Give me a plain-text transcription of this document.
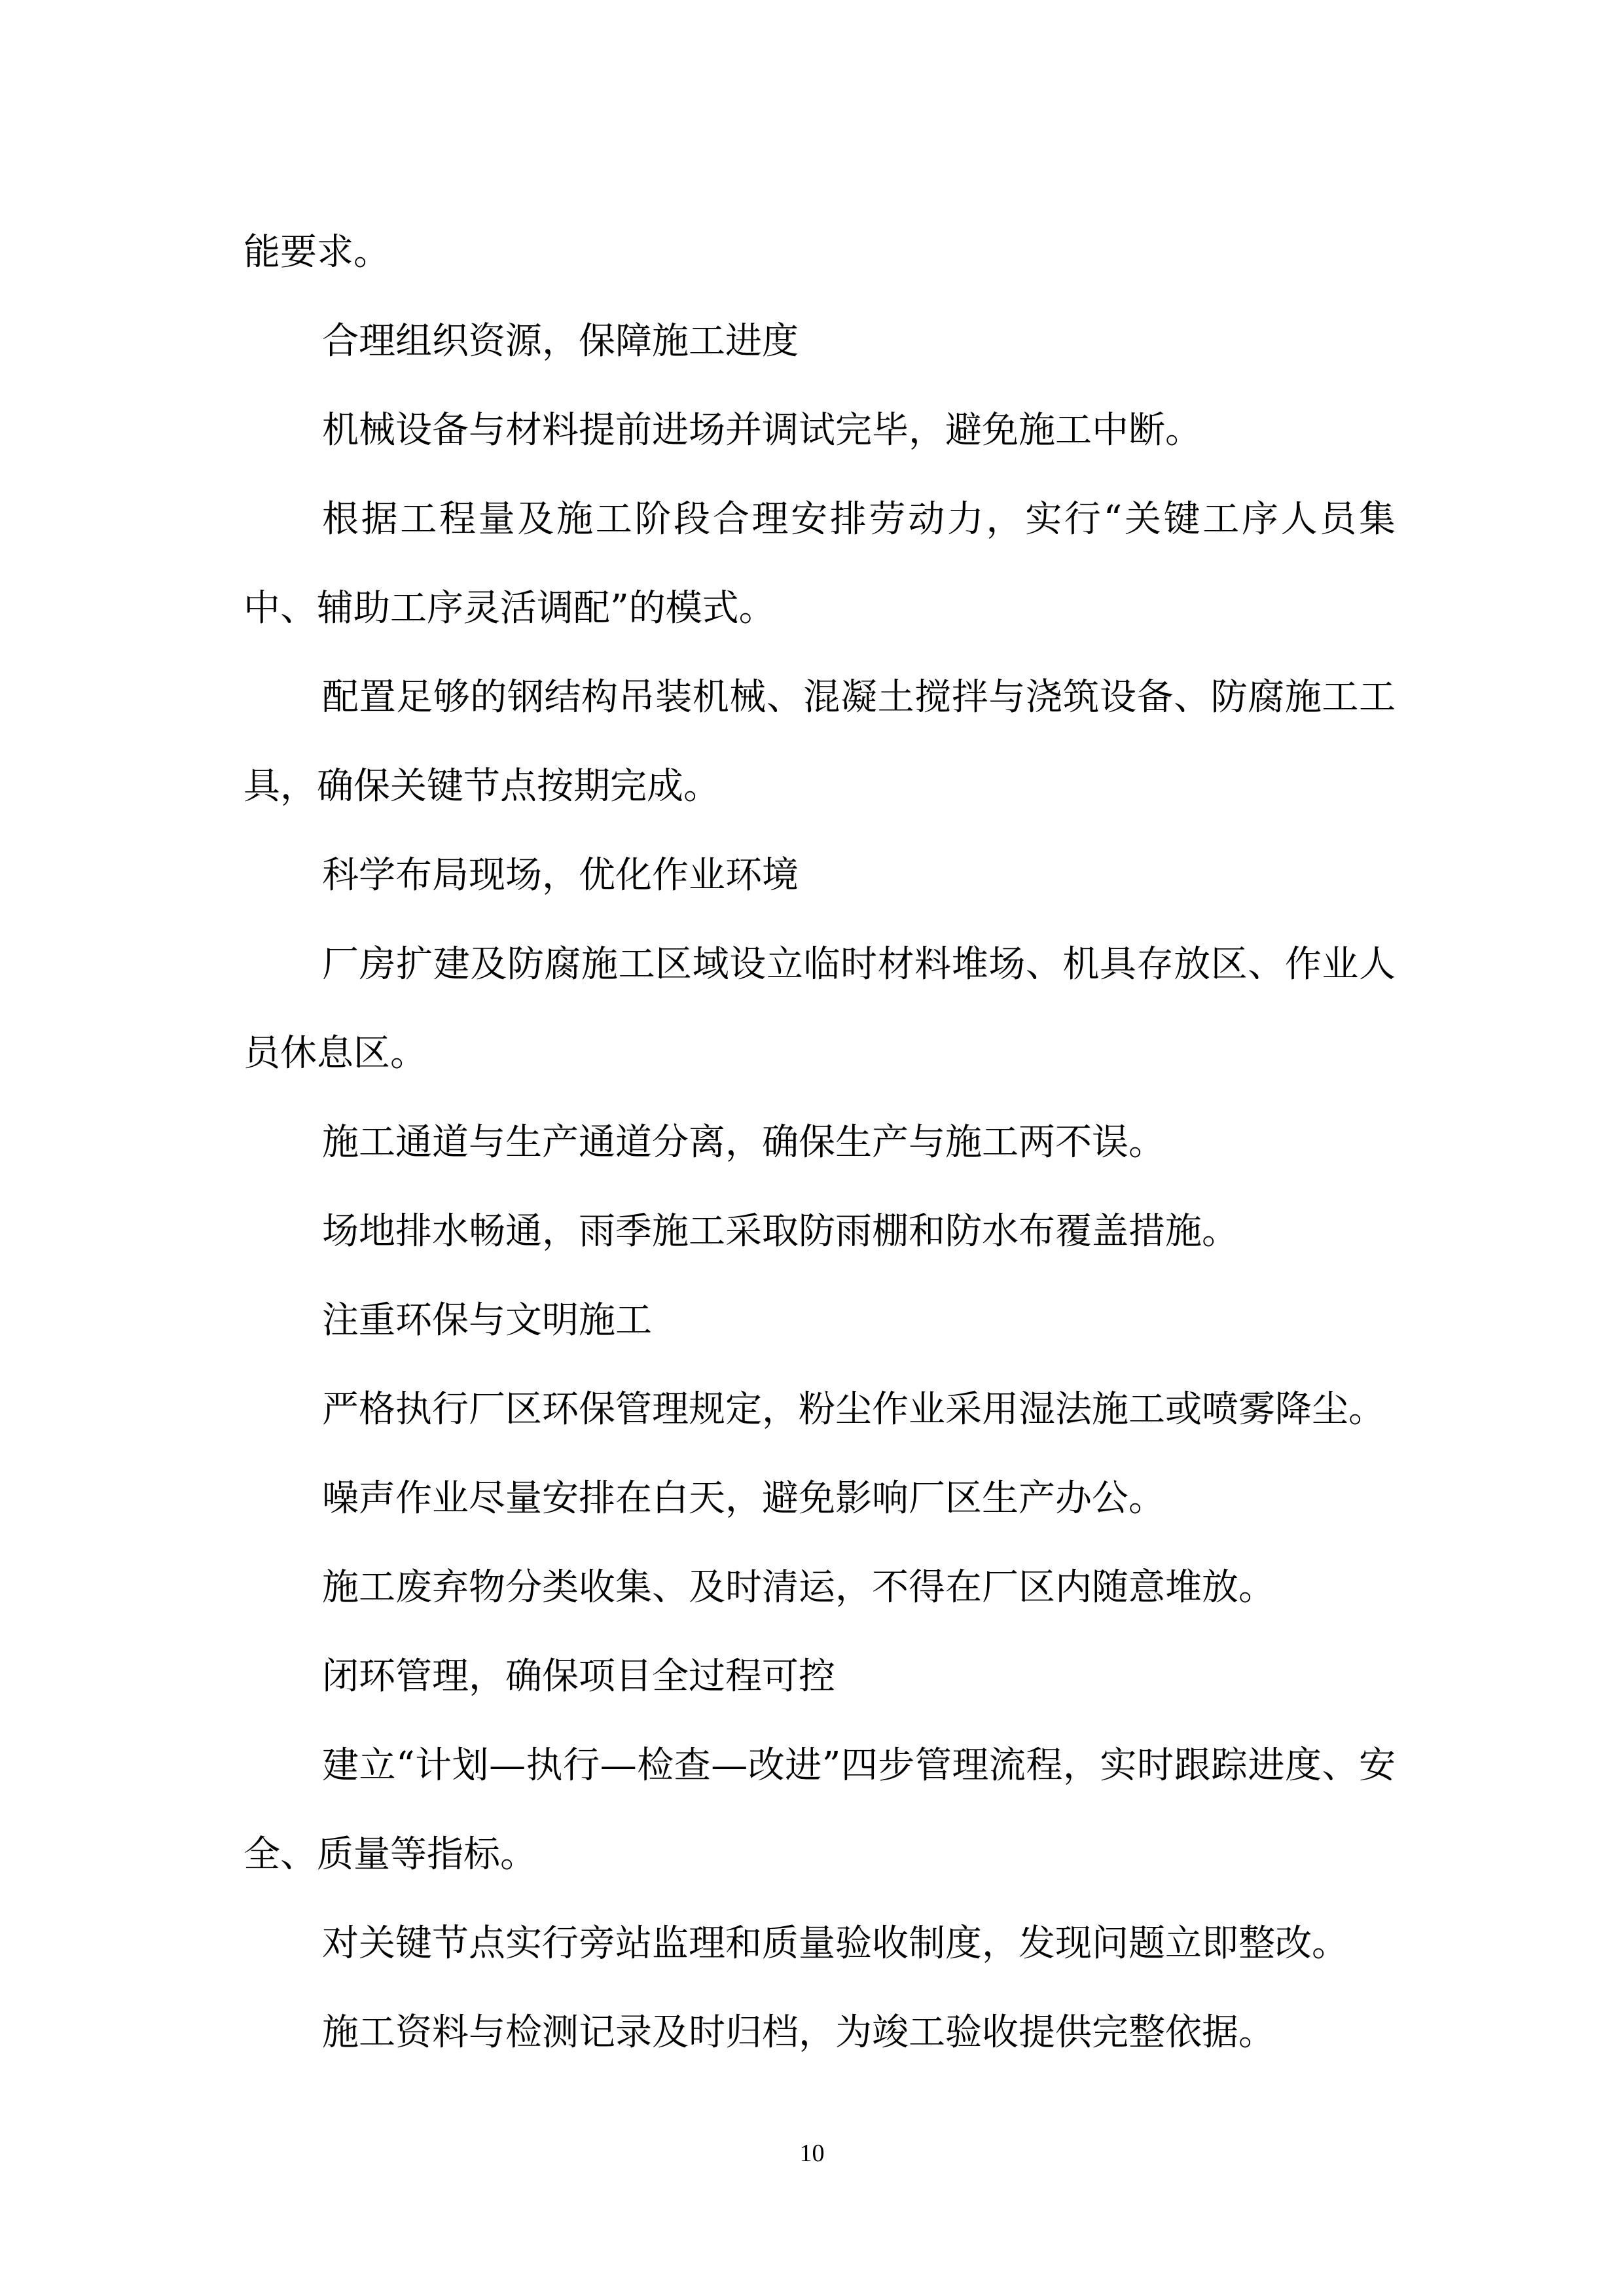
能要求。

合理组织资源，保障施工进度

机械设备与材料提前进场并调试完毕，避免施工中断。

根据工程量及施工阶段合理安排劳动力，实行“关键工序人员集中、辅助工序灵活调配”的模式。

配置足够的钢结构吊装机械、混凝土搅拌与浇筑设备、防腐施工工具，确保关键节点按期完成。

科学布局现场，优化作业环境

厂房扩建及防腐施工区域设立临时材料堆场、机具存放区、作业人员休息区。

施工通道与生产通道分离，确保生产与施工两不误。

场地排水畅通，雨季施工采取防雨棚和防水布覆盖措施。

注重环保与文明施工

严格执行厂区环保管理规定，粉尘作业采用湿法施工或喷雾降尘。

噪声作业尽量安排在白天，避免影响厂区生产办公。

施工废弃物分类收集、及时清运，不得在厂区内随意堆放。

闭环管理，确保项目全过程可控

建立“计划—执行—检查—改进”四步管理流程，实时跟踪进度、安全、质量等指标。

对关键节点实行旁站监理和质量验收制度，发现问题立即整改。

施工资料与检测记录及时归档，为竣工验收提供完整依据。

10
